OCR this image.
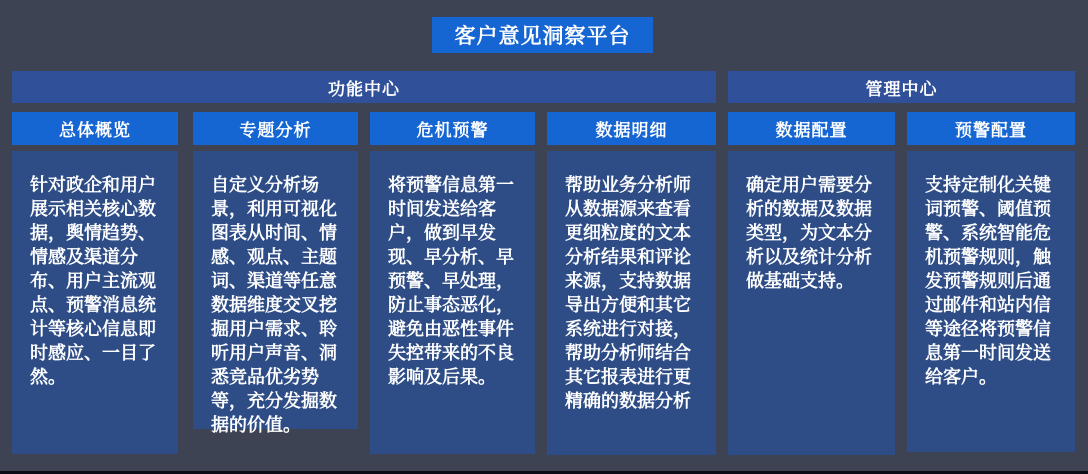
客户意见洞察平台
功能中心	管理中心
总体概览
针对政企和用户展示相关核心数据，舆情趋势、情感及渠道分布、用户主流观点、预警消息统计等核心信息即时感应、一目了然。
专题分析
自定义分析场景，利用可视化图表从时间、情感、观点、主题词、渠道等任意数据维度交叉挖掘用户需求、聆听用户声音、洞悉竞品优劣势等，充分发掘数据的价值。
危机预警
将预警信息第一时间发送给客户，做到早发现、早分析、早预警、早处理，防止事态恶化，避免由恶性事件失控带来的不良影响及后果。
数据明细
帮助业务分析师从数据源来查看更细粒度的文本分析结果和评论来源，支持数据导出方便和其它系统进行对接，帮助分析师结合其它报表进行更精确的数据分析
数据配置
确定用户需要分析的数据及数据类型，为文本分析以及统计分析做基础支持。
预警配置
支持定制化关键词预警、阈值预警、系统智能危机预警规则，触发预警规则后通过邮件和站内信等途径将预警信息第一时间发送给客户。
